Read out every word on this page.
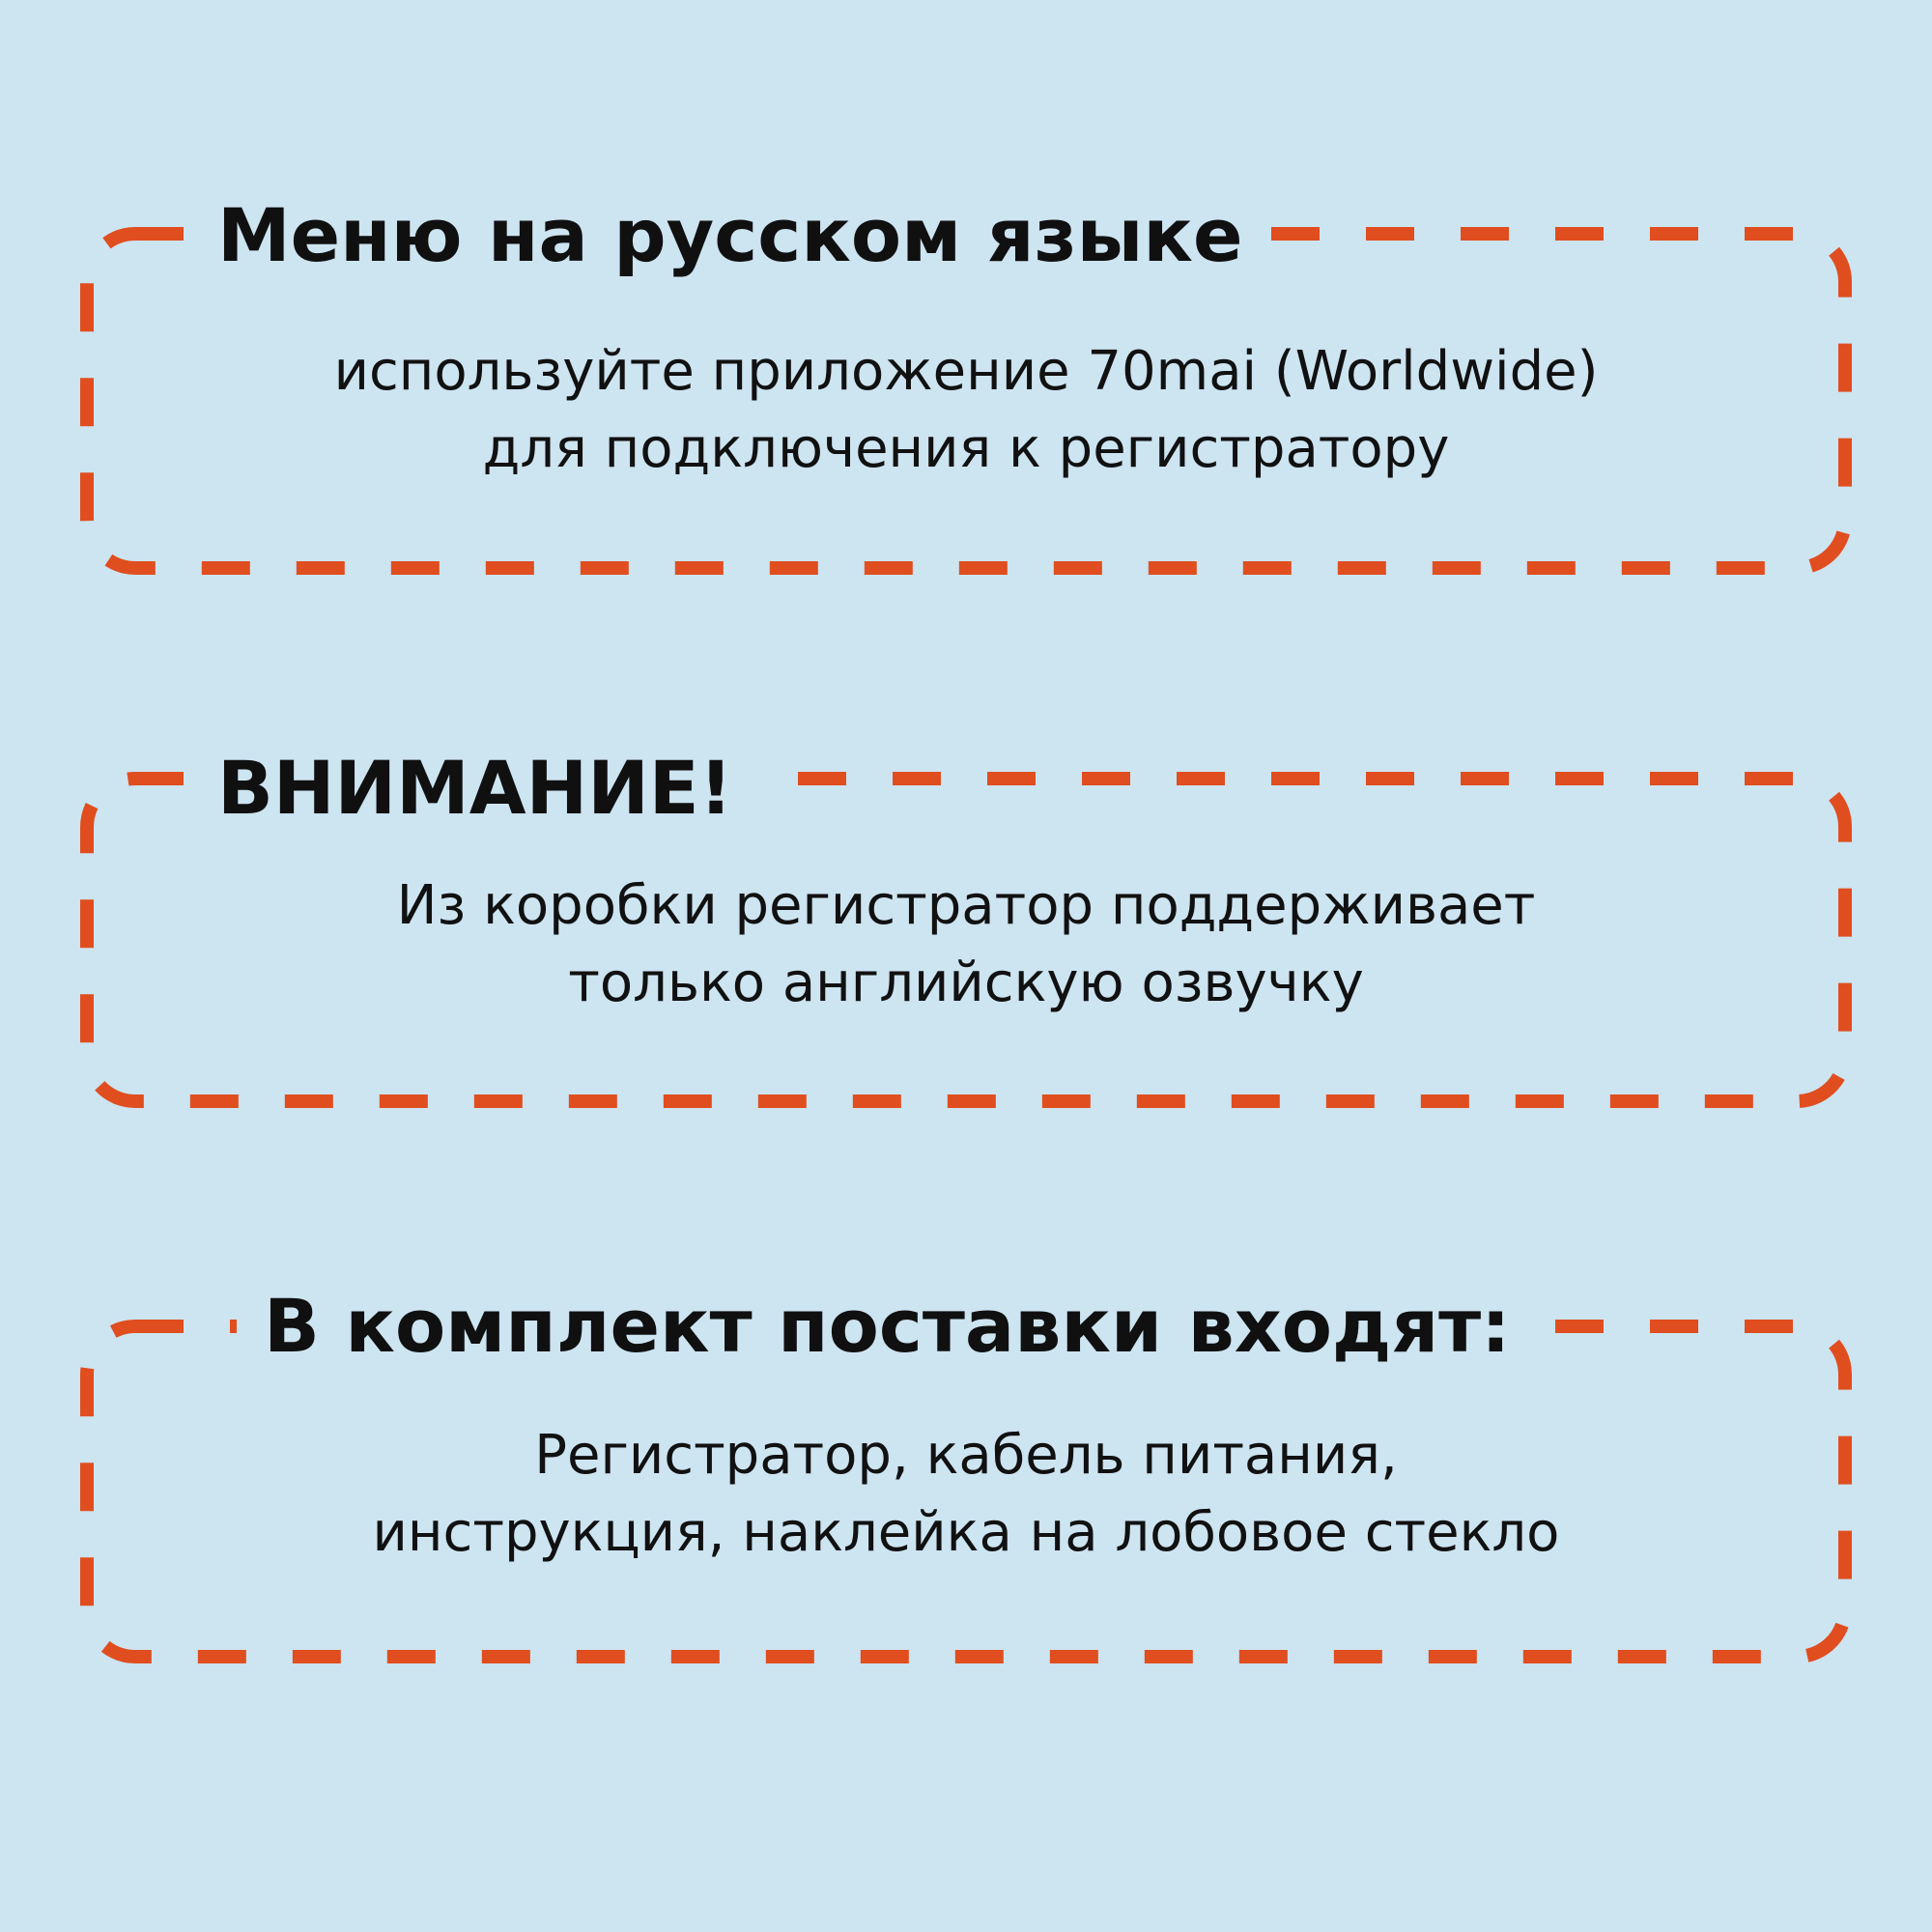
Меню на русском языке

используйте приложение 70mai (Worldwide)
для подключения к регистратору

ВНИМАНИЕ!

Из коробки регистратор поддерживает
только английскую озвучку

В комплект поставки входят:

Регистратор, кабель питания,
инструкция, наклейка на лобовое стекло
